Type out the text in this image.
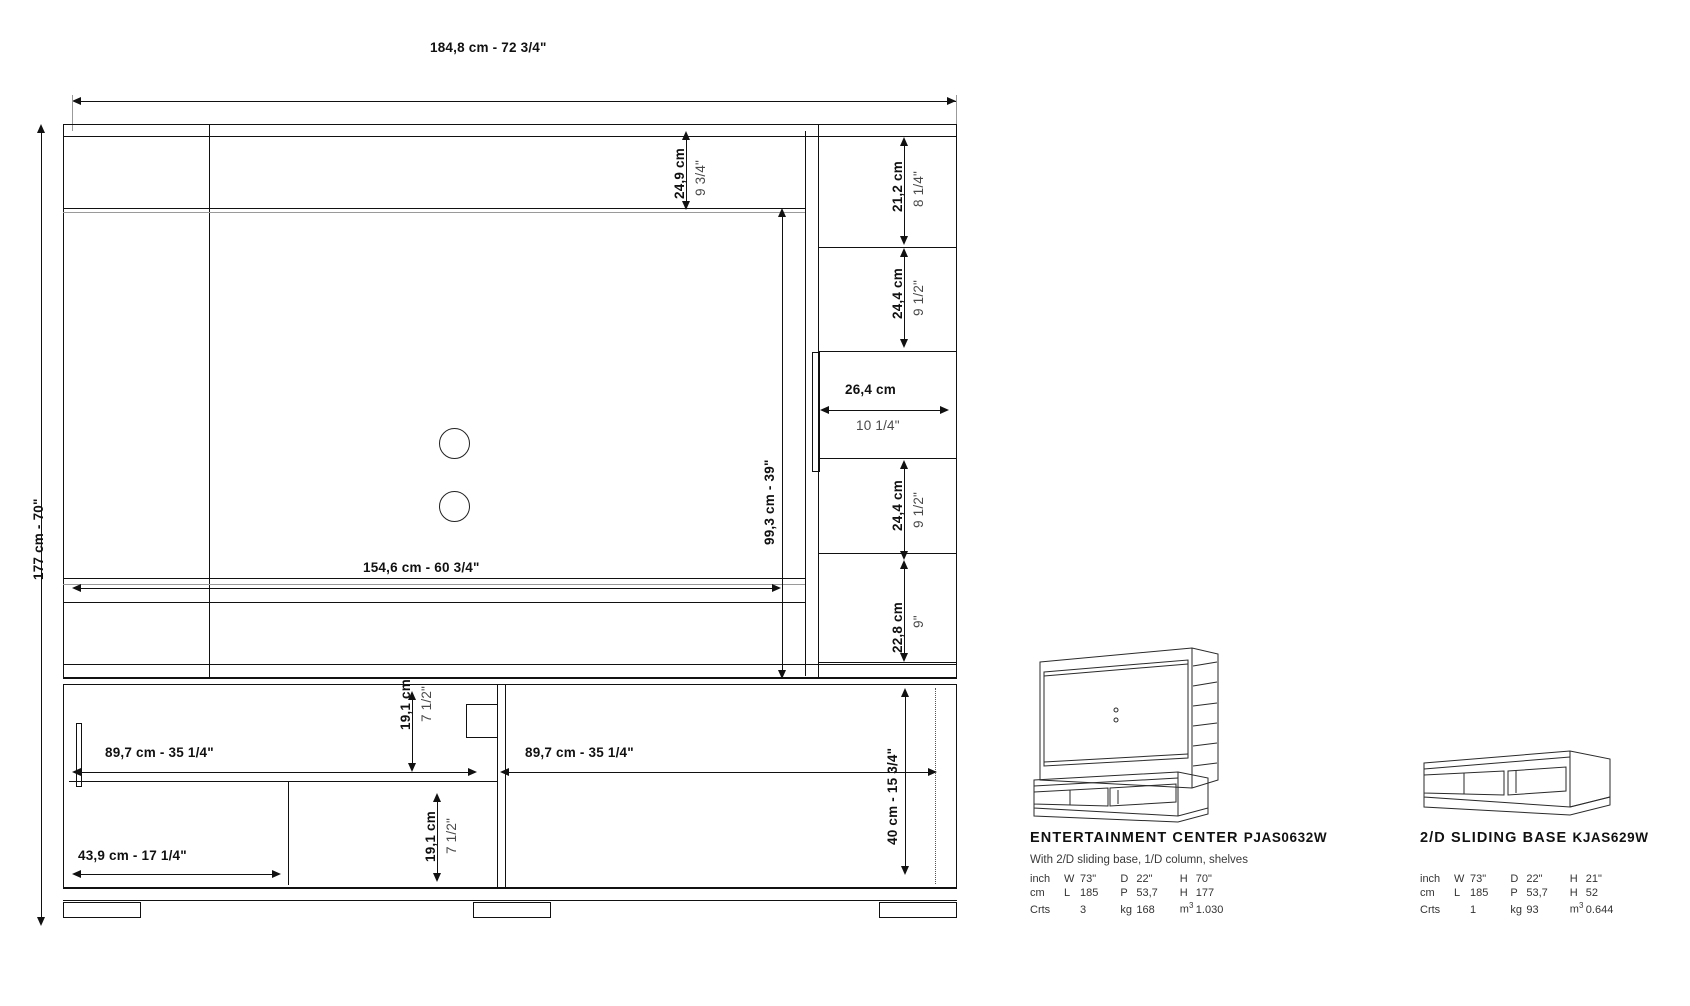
184,8 cm - 72 3/4"
177 cm - 70"
24,9 cm 9 3/4"
99,3 cm - 39"
154,6 cm - 60 3/4"
21,2 cm 8 1/4"
24,4 cm 9 1/2"
26,4 cm
10 1/4"
24,4 cm 9 1/2"
22,8 cm 9"
89,7 cm - 35 1/4"	89,7 cm - 35 1/4"
43,9 cm - 17 1/4"
19,1 cm 7 1/2"
19,1 cm 7 1/2"	40 cm - 15 3/4"	ENTERTAINMENT CENTER PJAS0632W
With 2/D sliding base, 1/D column, shelves
inch	W	73"	D	22"	H	70"
cm	L	185	P	53,7	H	177
Crts		3	kg	168	$m^3$	1.030
2/D SLIDING BASE KJAS629W
inch	W	73"	D	22"	H	21"
cm	L	185	P	53,7	H	52
Crts		1	kg	93	$m^3$	0.644
